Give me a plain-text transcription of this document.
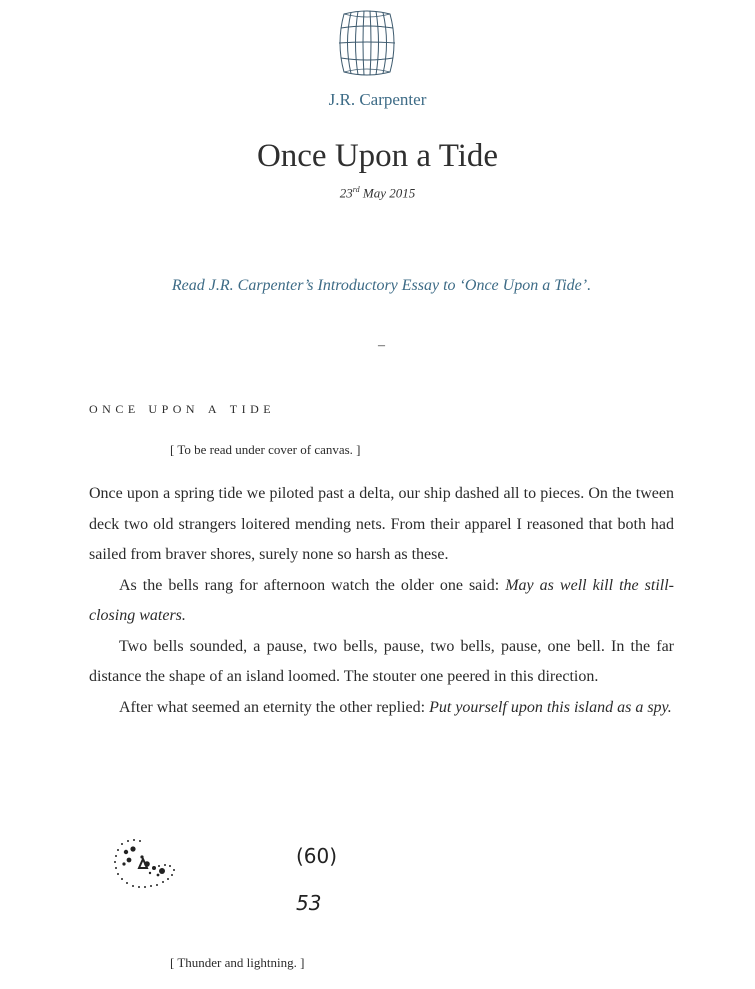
J.R. Carpenter
Once Upon a Tide
23rd May 2015
Read J.R. Carpenter’s Introductory Essay to ‘Once Upon a Tide’.
–
once upon a tide
[ To be read under cover of canvas. ]

Once upon a spring tide we piloted past a delta, our ship dashed all to pieces. On the tween deck two old strangers loitered mending nets. From their apparel I reasoned that both had sailed from braver shores, surely none so harsh as these.

As the bells rang for afternoon watch the older one said: May as well kill the still-closing waters.

Two bells sounded, a pause, two bells, pause, two bells, pause, one bell. In the far distance the shape of an island loomed. The stouter one peered in this direction.

After what seemed an eternity the other replied: Put yourself upon this island as a spy.

(60)
53
[ Thunder and lightning. ]
